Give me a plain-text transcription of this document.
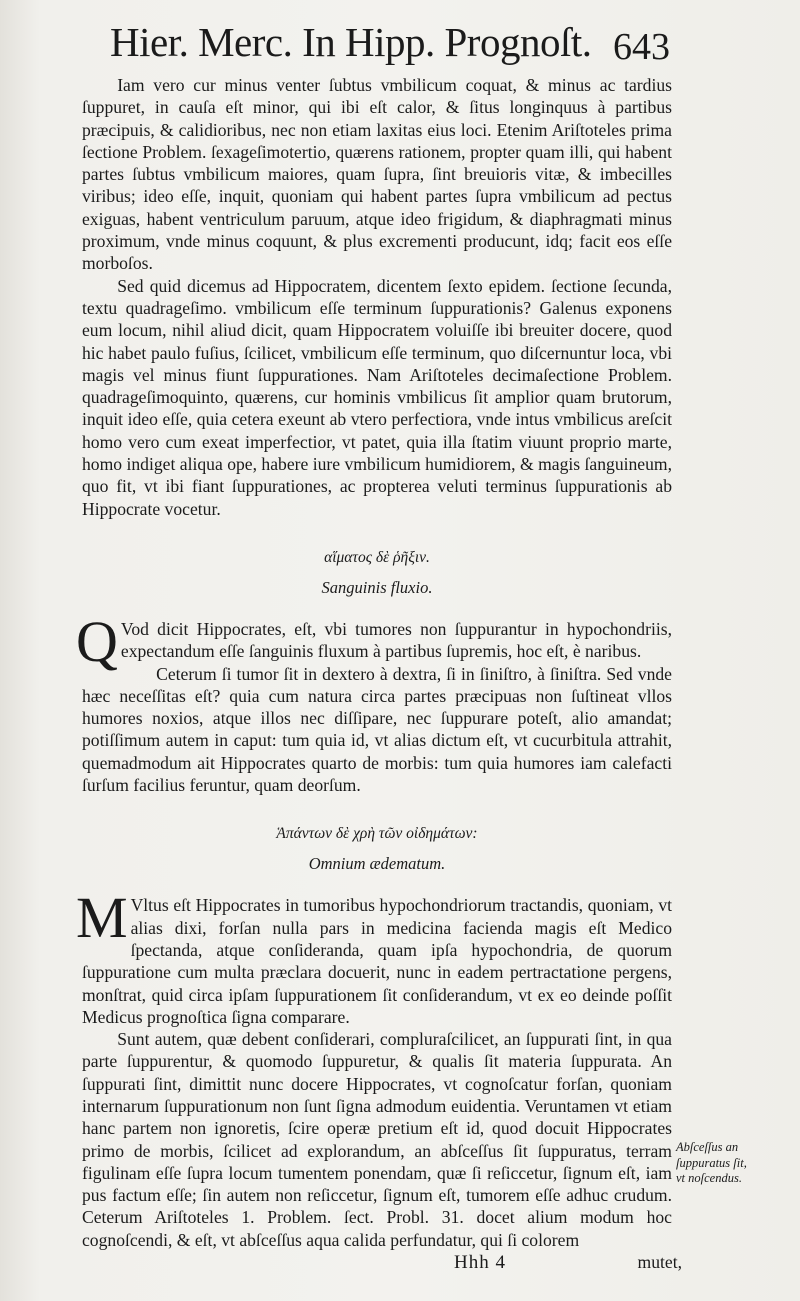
Hier. Merc. In Hipp. Prognoſt. 643

Iam vero cur minus venter ſubtus vmbilicum coquat, & minus ac tardius ſuppuret, in cauſa eſt minor, qui ibi eſt calor, & ſitus longinquus à partibus præcipuis, & calidioribus, nec non etiam laxitas eius loci. Etenim Ariſtoteles prima ſectione Problem. ſexageſimotertio, quærens rationem, propter quam illi, qui habent partes ſubtus vmbilicum maiores, quam ſupra, ſint breuioris vitæ, & imbecilles viribus; ideo eſſe, inquit, quoniam qui habent partes ſupra vmbilicum ad pectus exiguas, habent ventriculum paruum, atque ideo frigidum, & diaphragmati minus proximum, vnde minus coquunt, & plus excrementi producunt, idq; facit eos eſſe morboſos.

Sed quid dicemus ad Hippocratem, dicentem ſexto epidem. ſectione ſecunda, textu quadrageſimo. vmbilicum eſſe terminum ſuppurationis? Galenus exponens eum locum, nihil aliud dicit, quam Hippocratem voluiſſe ibi breuiter docere, quod hic habet paulo fuſius, ſcilicet, vmbilicum eſſe terminum, quo diſcernuntur loca, vbi magis vel minus fiunt ſuppurationes. Nam Ariſtoteles decimaſectione Problem. quadrageſimoquinto, quærens, cur hominis vmbilicus ſit amplior quam brutorum, inquit ideo eſſe, quia cetera exeunt ab vtero perfectiora, vnde intus vmbilicus areſcit homo vero cum exeat imperfectior, vt patet, quia illa ſtatim viuunt proprio marte, homo indiget aliqua ope, habere iure vmbilicum humidiorem, & magis ſanguineum, quo fit, vt ibi fiant ſuppurationes, ac propterea veluti terminus ſuppurationis ab Hippocrate vocetur.

αἵματος δὲ ῥῆξιν.
Sanguinis fluxio.

Q Vod dicit Hippocrates, eſt, vbi tumores non ſuppurantur in hypochondriis, expectandum eſſe ſanguinis fluxum à partibus ſupremis, hoc eſt, è naribus.

Ceterum ſi tumor ſit in dextero à dextra, ſi in ſiniſtro, à ſiniſtra. Sed vnde hæc neceſſitas eſt? quia cum natura circa partes præcipuas non ſuſtineat vllos humores noxios, atque illos nec diſſipare, nec ſuppurare poteſt, alio amandat; potiſſimum autem in caput: tum quia id, vt alias dictum eſt, vt cucurbitula attrahit, quemadmodum ait Hippocrates quarto de morbis: tum quia humores iam calefacti ſurſum facilius feruntur, quam deorſum.

Ἁπάντων δὲ χρὴ τῶν οἰδημάτων:
Omnium ædematum.

M Vltus eſt Hippocrates in tumoribus hypochondriorum tractandis, quoniam, vt alias dixi, forſan nulla pars in medicina facienda magis eſt Medico ſpectanda, atque conſideranda, quam ipſa hypochondria, de quorum ſuppuratione cum multa præclara docuerit, nunc in eadem pertractatione pergens, monſtrat, quid circa ipſam ſuppurationem ſit conſiderandum, vt ex eo deinde poſſit Medicus prognoſtica ſigna comparare.

Sunt autem, quæ debent conſiderari, compluraſcilicet, an ſuppurati ſint, in qua parte ſuppurentur, & quomodo ſuppuretur, & qualis ſit materia ſuppurata. An ſuppurati ſint, dimittit nunc docere Hippocrates, vt cognoſcatur forſan, quoniam internarum ſuppurationum non ſunt ſigna admodum euidentia. Veruntamen vt etiam hanc partem non ignoretis, ſcire operæ pretium eſt id, quod docuit Hippocrates primo de morbis, ſcilicet ad explorandum, an abſceſſus ſit ſuppuratus, terram figulinam eſſe ſupra locum tumentem ponendam, quæ ſi reſiccetur, ſignum eſt, iam pus factum eſſe; ſin autem non reſiccetur, ſignum eſt, tumorem eſſe adhuc crudum. Ceterum Ariſtoteles 1. Problem. ſect. Probl. 31. docet alium modum hoc cognoſcendi, & eſt, vt abſceſſus aqua calida perfundatur, qui ſi colorem

Abſceſſus an ſuppuratus ſit, vt noſcendus.
Hhh 4	mutet,
